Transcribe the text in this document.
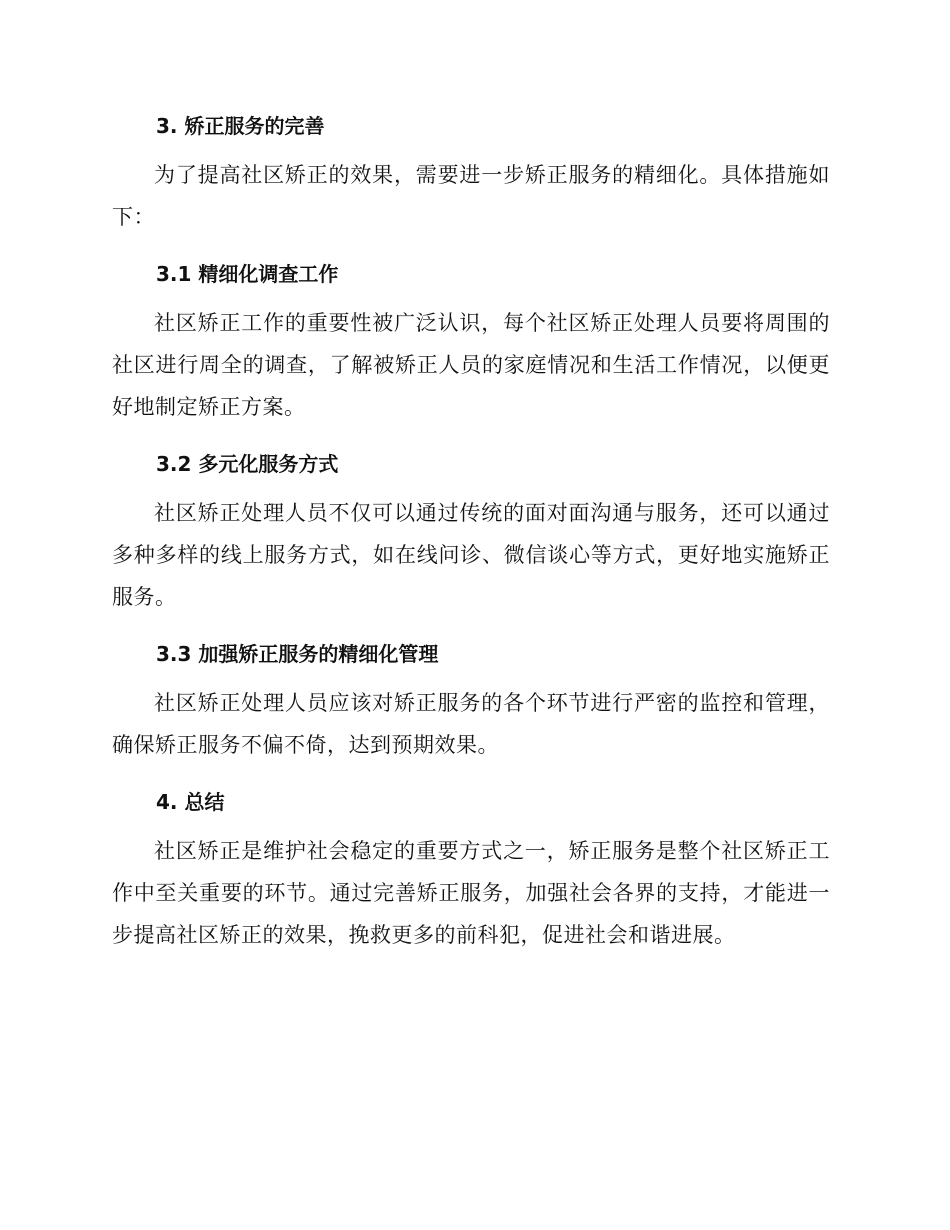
3. 矫正服务的完善

为了提高社区矫正的效果，需要进一步矫正服务的精细化。具体措施如下：

3.1 精细化调查工作

社区矫正工作的重要性被广泛认识，每个社区矫正处理人员要将周围的社区进行周全的调查，了解被矫正人员的家庭情况和生活工作情况，以便更好地制定矫正方案。

3.2 多元化服务方式

社区矫正处理人员不仅可以通过传统的面对面沟通与服务，还可以通过多种多样的线上服务方式，如在线问诊、微信谈心等方式，更好地实施矫正服务。

3.3 加强矫正服务的精细化管理

社区矫正处理人员应该对矫正服务的各个环节进行严密的监控和管理，确保矫正服务不偏不倚，达到预期效果。

4. 总结

社区矫正是维护社会稳定的重要方式之一，矫正服务是整个社区矫正工作中至关重要的环节。通过完善矫正服务，加强社会各界的支持，才能进一步提高社区矫正的效果，挽救更多的前科犯，促进社会和谐进展。
